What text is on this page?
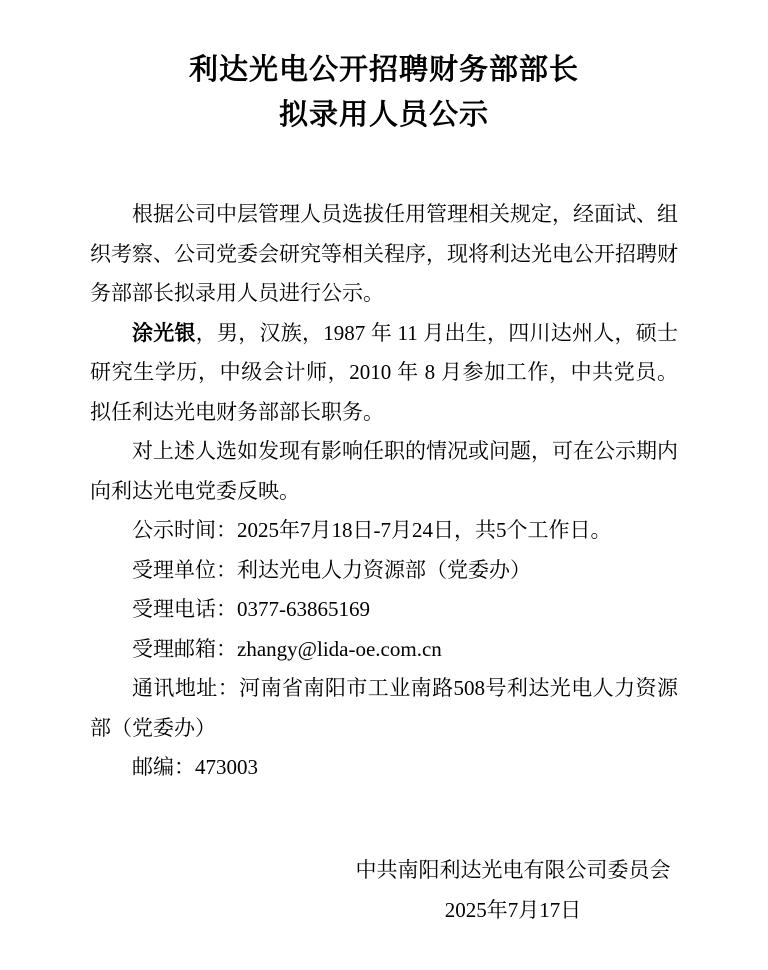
利达光电公开招聘财务部部长
拟录用人员公示

根据公司中层管理人员选拔任用管理相关规定，经面试、组织考察、公司党委会研究等相关程序，现将利达光电公开招聘财务部部长拟录用人员进行公示。

涂光银，男，汉族，1987 年 11 月出生，四川达州人，硕士研究生学历，中级会计师，2010 年 8 月参加工作，中共党员。拟任利达光电财务部部长职务。

对上述人选如发现有影响任职的情况或问题，可在公示期内向利达光电党委反映。

公示时间：2025年7月18日-7月24日，共5个工作日。

受理单位：利达光电人力资源部（党委办）

受理电话：0377-63865169

受理邮箱：zhangy@lida-oe.com.cn

通讯地址：河南省南阳市工业南路508号利达光电人力资源部（党委办）

邮编：473003

中共南阳利达光电有限公司委员会
2025年7月17日
